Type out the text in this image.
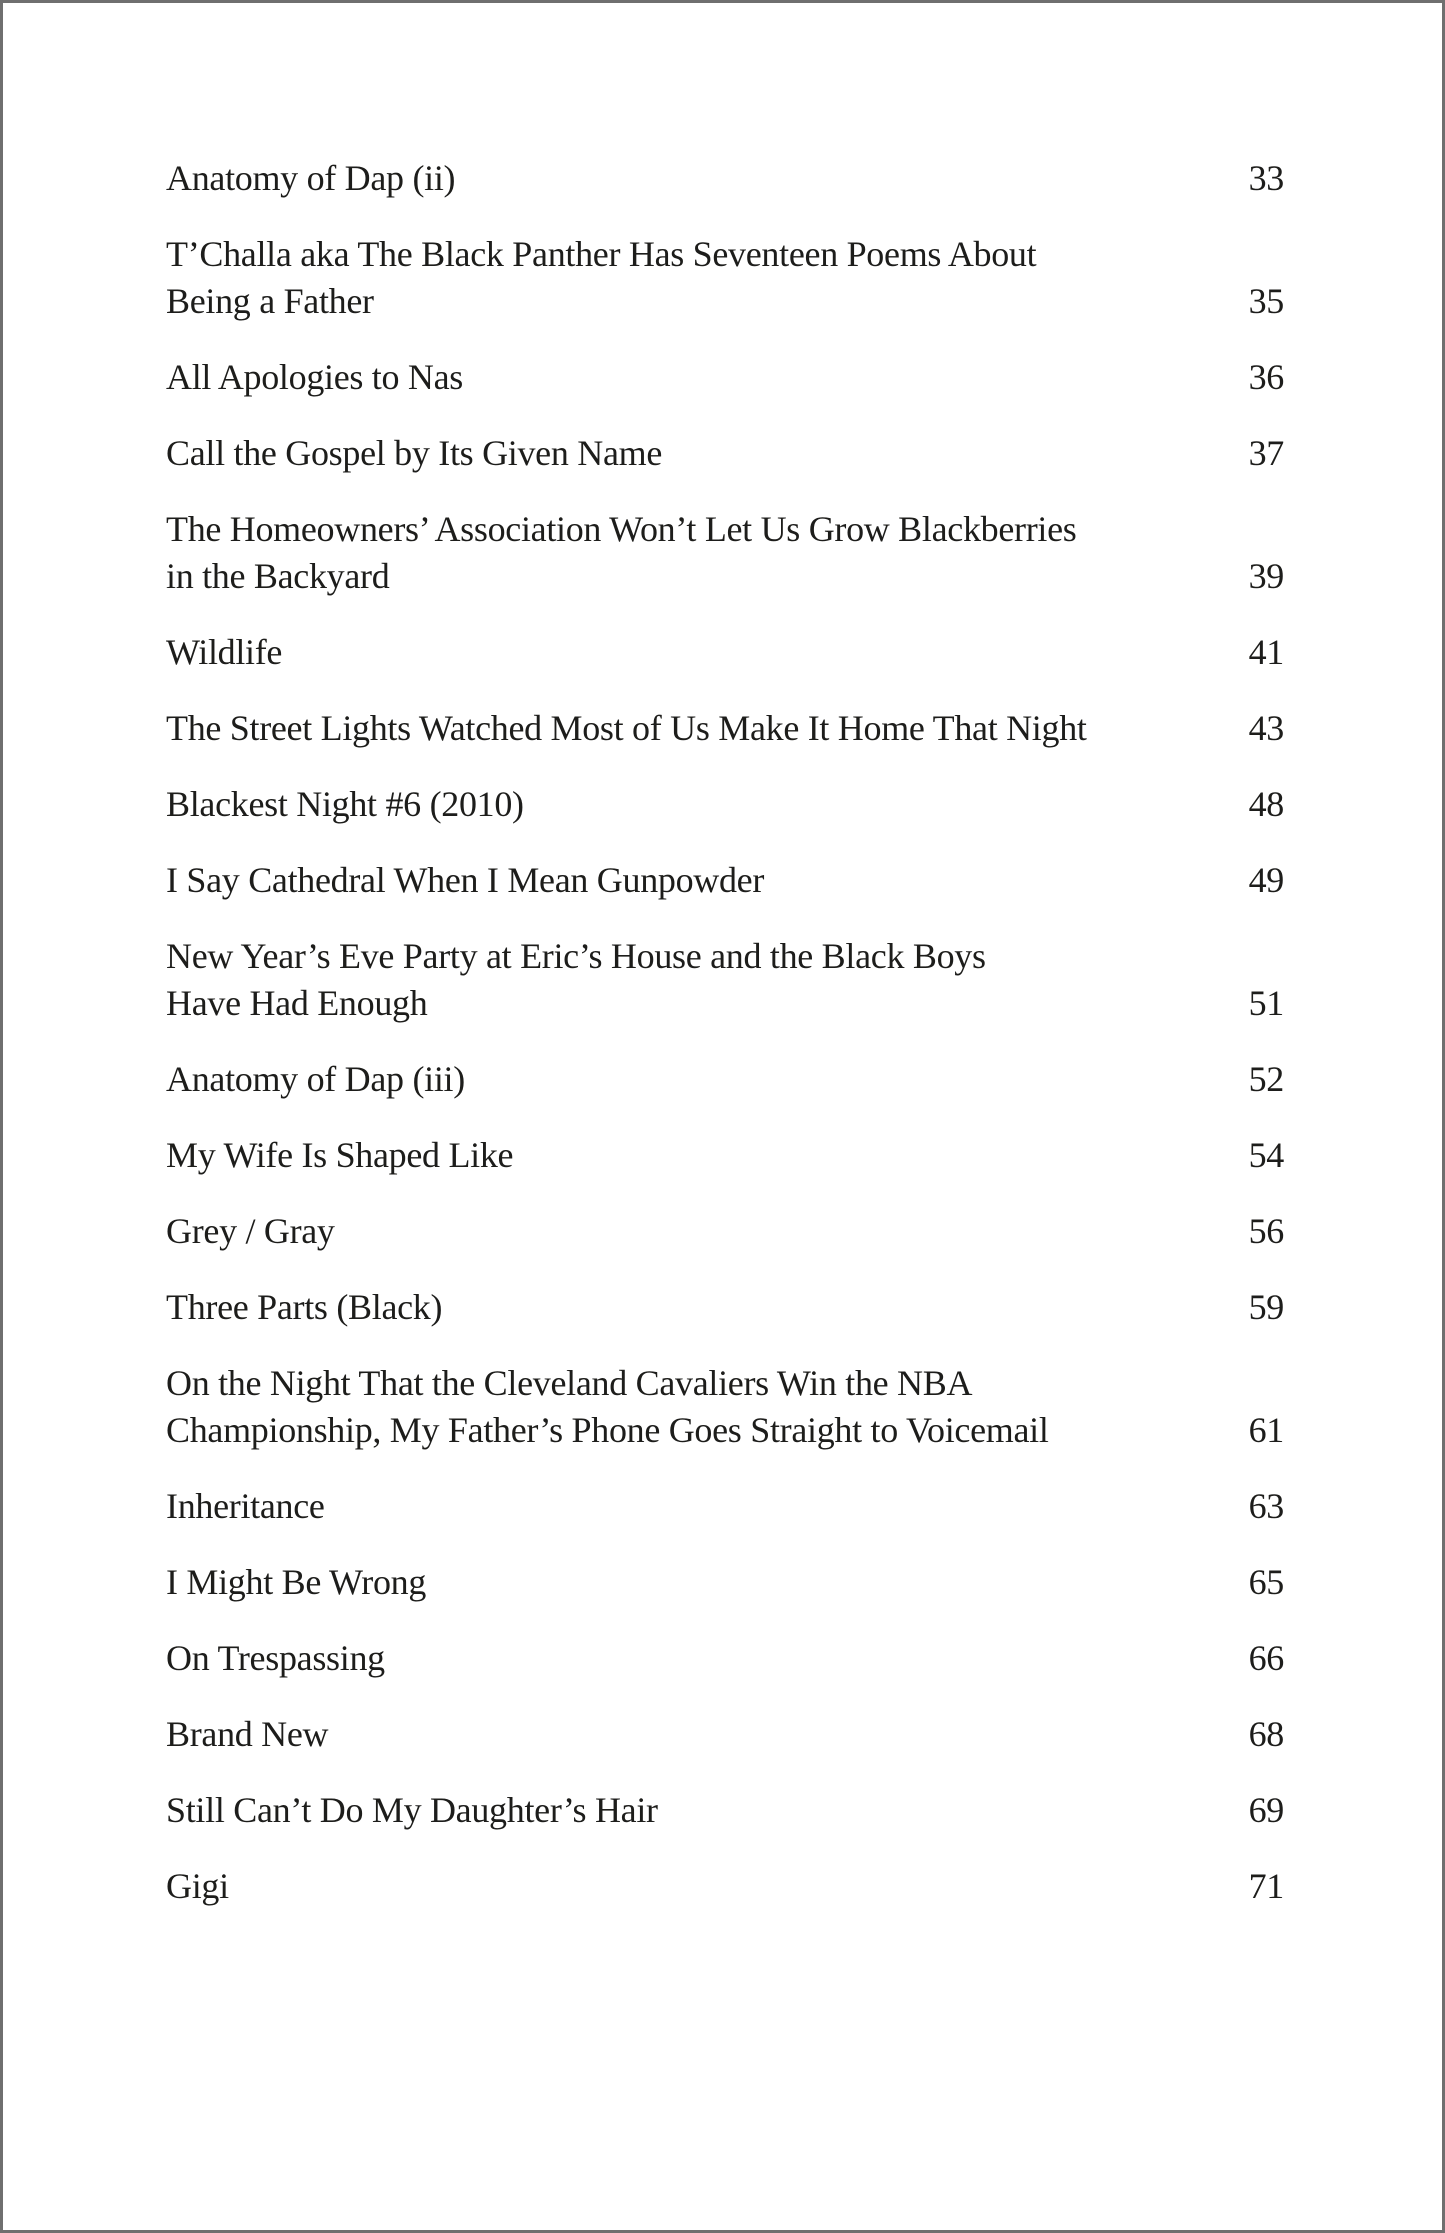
Anatomy of Dap (ii)	33
T’Challa aka The Black Panther Has Seventeen Poems About
Being a Father	35
All Apologies to Nas	36
Call the Gospel by Its Given Name	37
The Homeowners’ Association Won’t Let Us Grow Blackberries
in the Backyard	39
Wildlife	41
The Street Lights Watched Most of Us Make It Home That Night	43
Blackest Night #6 (2010)	48
I Say Cathedral When I Mean Gunpowder	49
New Year’s Eve Party at Eric’s House and the Black Boys
Have Had Enough	51
Anatomy of Dap (iii)	52
My Wife Is Shaped Like	54
Grey / Gray	56
Three Parts (Black)	59
On the Night That the Cleveland Cavaliers Win the NBA
Championship, My Father’s Phone Goes Straight to Voicemail	61
Inheritance	63
I Might Be Wrong	65
On Trespassing	66
Brand New	68
Still Can’t Do My Daughter’s Hair	69
Gigi	71
